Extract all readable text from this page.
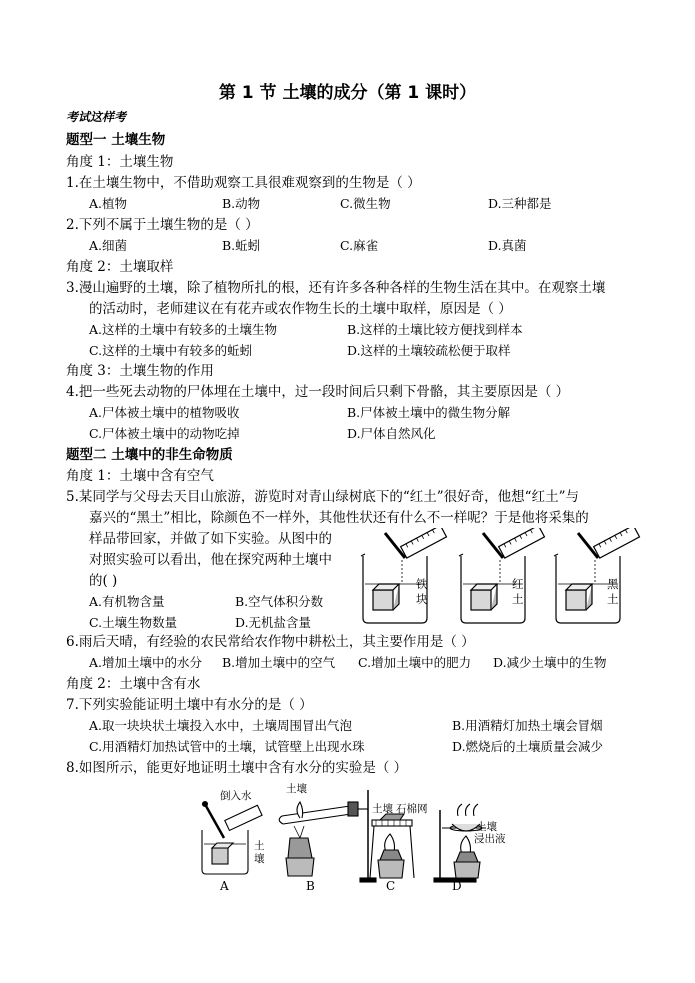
第 1 节 土壤的成分（第 1 课时）
考试这样考
题型一 土壤生物
角度 1：土壤生物
1.在土壤生物中，不借助观察工具很难观察到的生物是（ ）
A.植物	B.动物	C.微生物	D.三种都是
2.下列不属于土壤生物的是（ ）
A.细菌	B.蚯蚓	C.麻雀	D.真菌
角度 2：土壤取样
3.漫山遍野的土壤，除了植物所扎的根，还有许多各种各样的生物生活在其中。在观察土壤
的活动时，老师建议在有花卉或农作物生长的土壤中取样，原因是（ ）
A.这样的土壤中有较多的土壤生物	B.这样的土壤比较方便找到样本
C.这样的土壤中有较多的蚯蚓	D.这样的土壤较疏松便于取样
角度 3：土壤生物的作用
4.把一些死去动物的尸体埋在土壤中，过一段时间后只剩下骨骼，其主要原因是（ ）
A.尸体被土壤中的植物吸收	B.尸体被土壤中的微生物分解
C.尸体被土壤中的动物吃掉	D.尸体自然风化
题型二 土壤中的非生命物质
角度 1：土壤中含有空气
5.某同学与父母去天目山旅游，游览时对青山绿树底下的“红土”很好奇，他想“红土”与
嘉兴的“黑土”相比，除颜色不一样外，其他性状还有什么不一样呢？于是他将采集的
样品带回家，并做了如下实验。从图中的
对照实验可以看出，他在探究两种土壤中
的( )
A.有机物含量	B.空气体积分数
C.土壤生物数量	D.无机盐含量
铁
块
红
土
黑
土
6.雨后天晴，有经验的农民常给农作物中耕松土，其主要作用是（ ）
A.增加土壤中的水分 B.增加土壤中的空气 C.增加土壤中的肥力 D.减少土壤中的生物
角度 2：土壤中含有水
7.下列实验能证明土壤中有水分的是（ ）
A.取一块块状土壤投入水中，土壤周围冒出气泡	B.用酒精灯加热土壤会冒烟
C.用酒精灯加热试管中的土壤，试管壁上出现水珠	D.燃烧后的土壤质量会减少
8.如图所示，能更好地证明土壤中含有水分的实验是（ ）
倒入水
土
壤
土壤
土壤 石棉网
土壤
浸出液
A	B	C	D
